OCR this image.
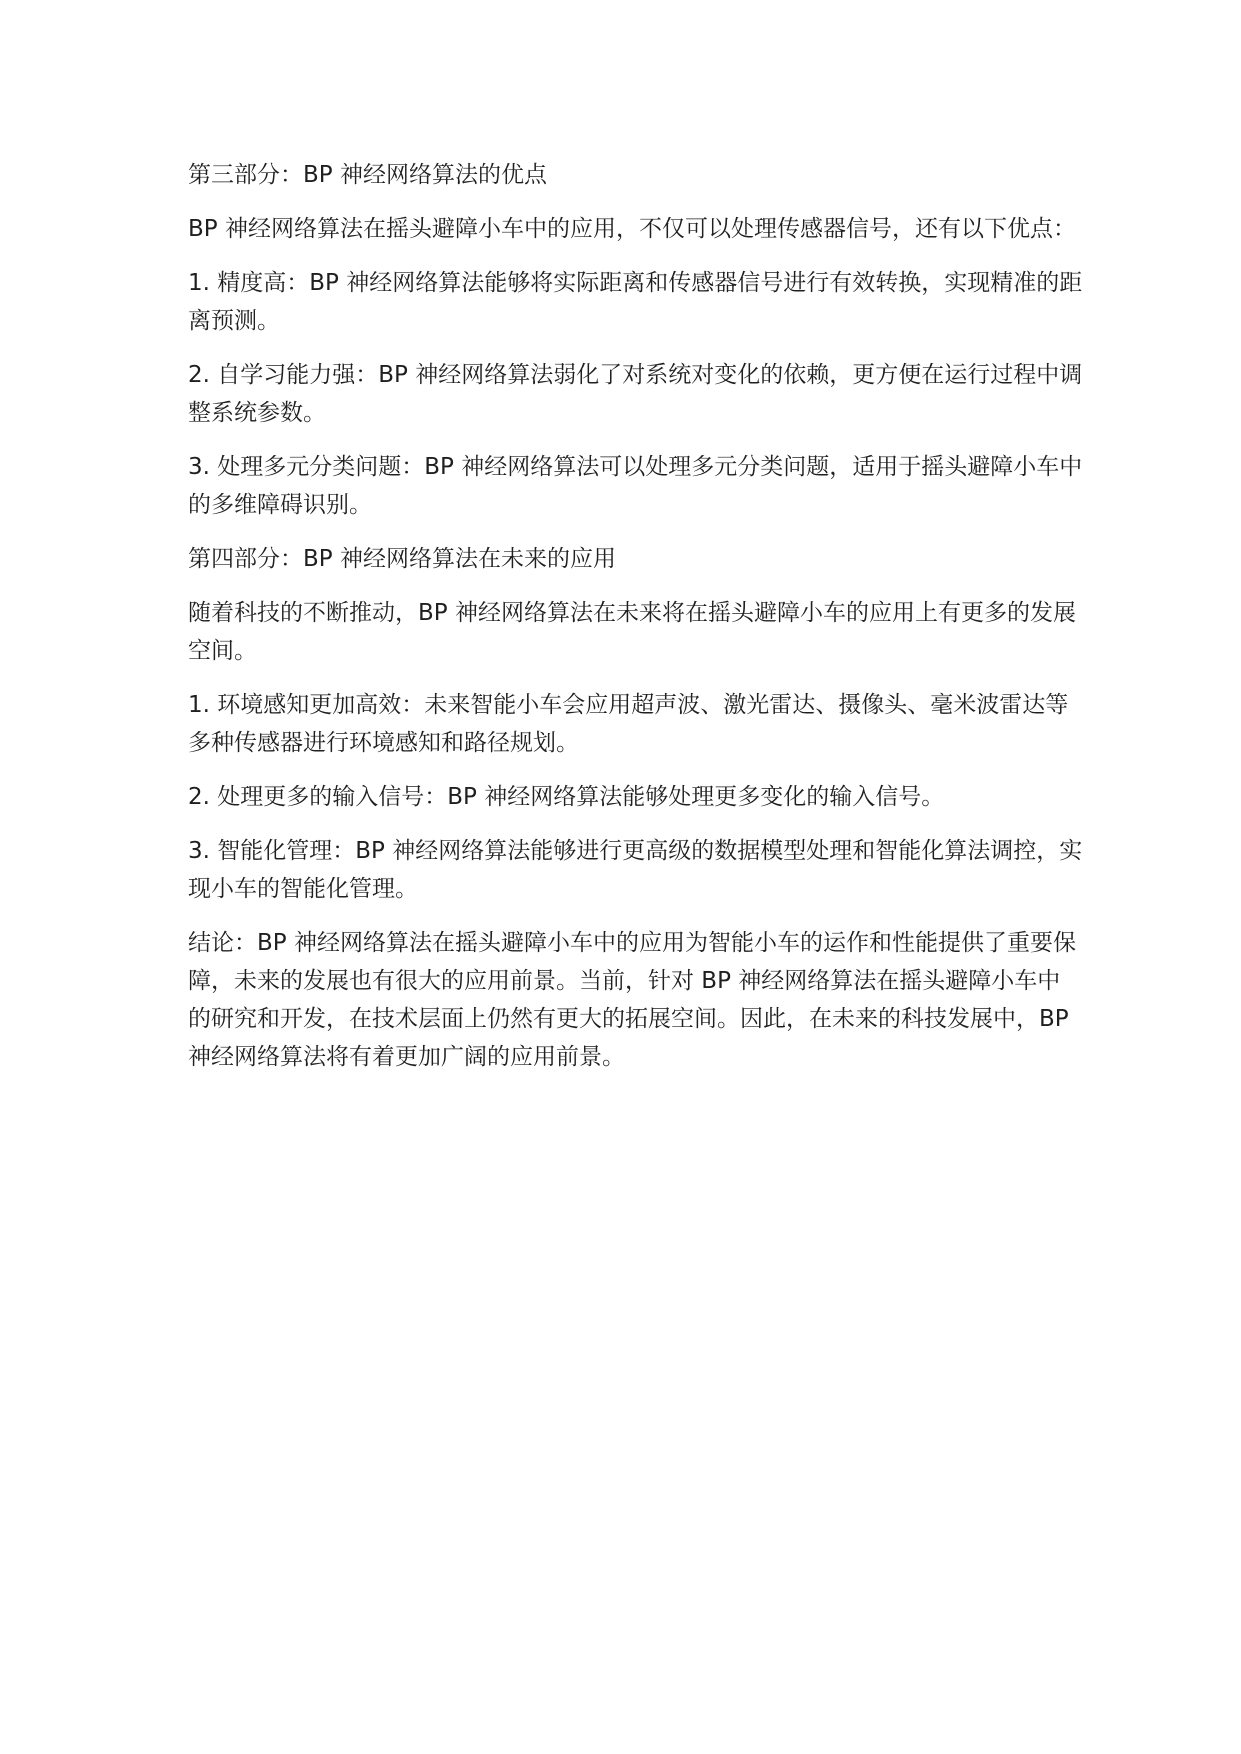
第三部分：BP 神经网络算法的优点

BP 神经网络算法在摇头避障小车中的应用，不仅可以处理传感器信号，还有以下优点：

1. 精度高：BP 神经网络算法能够将实际距离和传感器信号进行有效转换，实现精准的距离预测。

2. 自学习能力强：BP 神经网络算法弱化了对系统对变化的依赖，更方便在运行过程中调整系统参数。

3. 处理多元分类问题：BP 神经网络算法可以处理多元分类问题，适用于摇头避障小车中的多维障碍识别。

第四部分：BP 神经网络算法在未来的应用

随着科技的不断推动，BP 神经网络算法在未来将在摇头避障小车的应用上有更多的发展空间。

1. 环境感知更加高效：未来智能小车会应用超声波、激光雷达、摄像头、毫米波雷达等多种传感器进行环境感知和路径规划。

2. 处理更多的输入信号：BP 神经网络算法能够处理更多变化的输入信号。

3. 智能化管理：BP 神经网络算法能够进行更高级的数据模型处理和智能化算法调控，实现小车的智能化管理。

结论：BP 神经网络算法在摇头避障小车中的应用为智能小车的运作和性能提供了重要保障，未来的发展也有很大的应用前景。当前，针对 BP 神经网络算法在摇头避障小车中的研究和开发，在技术层面上仍然有更大的拓展空间。因此，在未来的科技发展中，BP 神经网络算法将有着更加广阔的应用前景。
